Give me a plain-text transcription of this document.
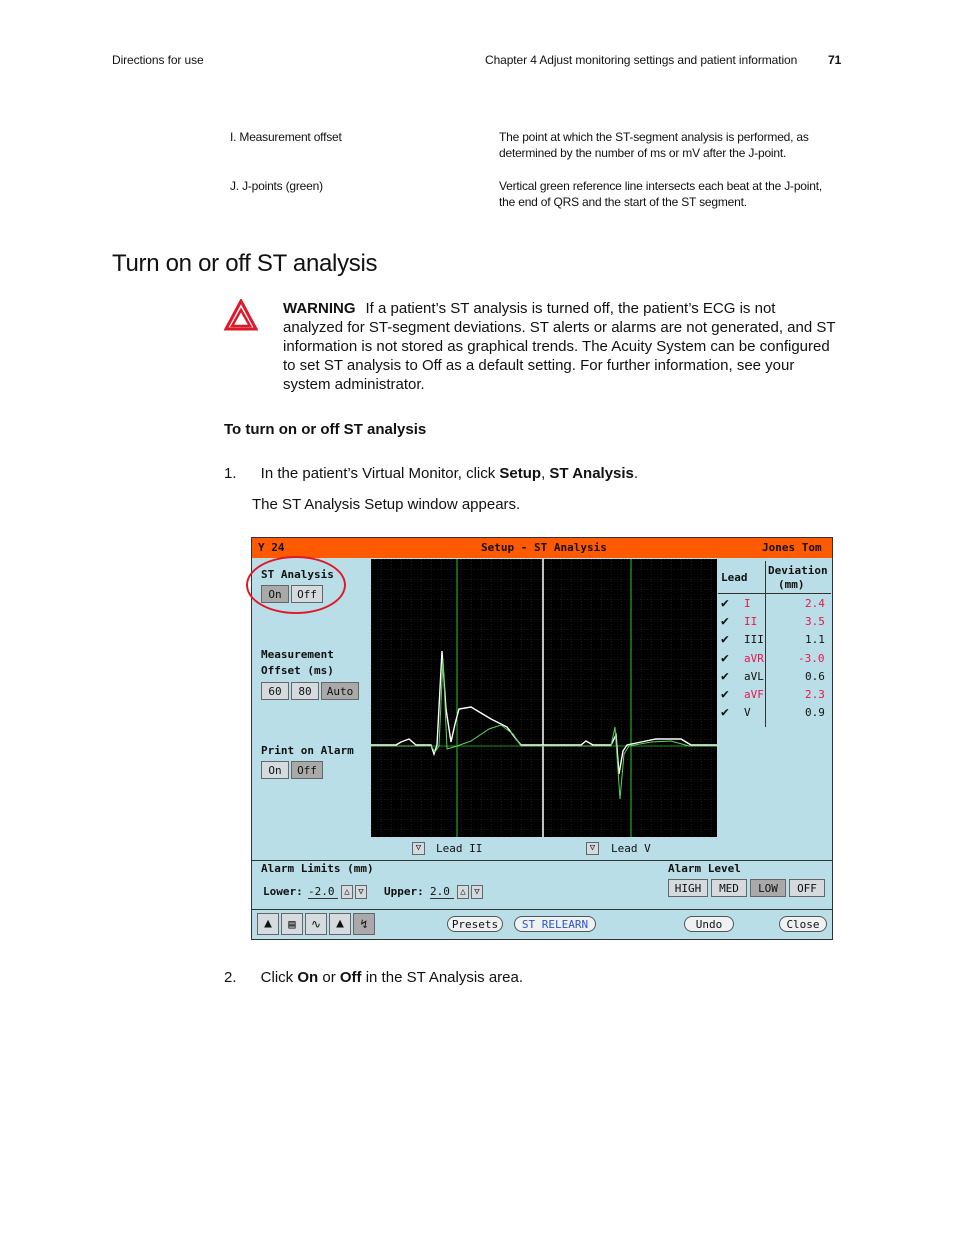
Directions for use	Chapter 4 Adjust monitoring settings and patient information	71
I. Measurement offset	The point at which the ST-segment analysis is performed, as
determined by the number of ms or mV after the J-point.
J. J-points (green)	Vertical green reference line intersects each beat at the J-point,
the end of QRS and the start of the ST segment.
Turn on or off ST analysis
WARNING If a patient’s ST analysis is turned off, the patient’s ECG is not analyzed for ST-segment deviations. ST alerts or alarms are not generated, and ST information is not stored as graphical trends. The Acuity System can be configured to set ST analysis to Off as a default setting. For further information, see your system administrator.
To turn on or off ST analysis
1. In the patient’s Virtual Monitor, click Setup, ST Analysis.
The ST Analysis Setup window appears.
Y 24	Setup - ST Analysis	Jones Tom
ST Analysis
On	Off
Measurement
Offset (ms)
60	80	Auto
Print on Alarm
On	Off
Lead
Deviation
(mm)
✔ I	2.4
✔ II	3.5
✔ III	1.1
✔ aVR	-3.0
✔ aVL	0.6
✔ aVF	2.3
✔ V	0.9
▽	Lead II	▽	Lead V
Alarm Limits (mm)
Lower: -2.0	△ ▽ Upper: 2.0	△ ▽
Alarm Level
HIGH	MED	LOW	OFF
▲	▤	∿	▲	↯	Presets	ST RELEARN	Undo	Close
2. Click On or Off in the ST Analysis area.
